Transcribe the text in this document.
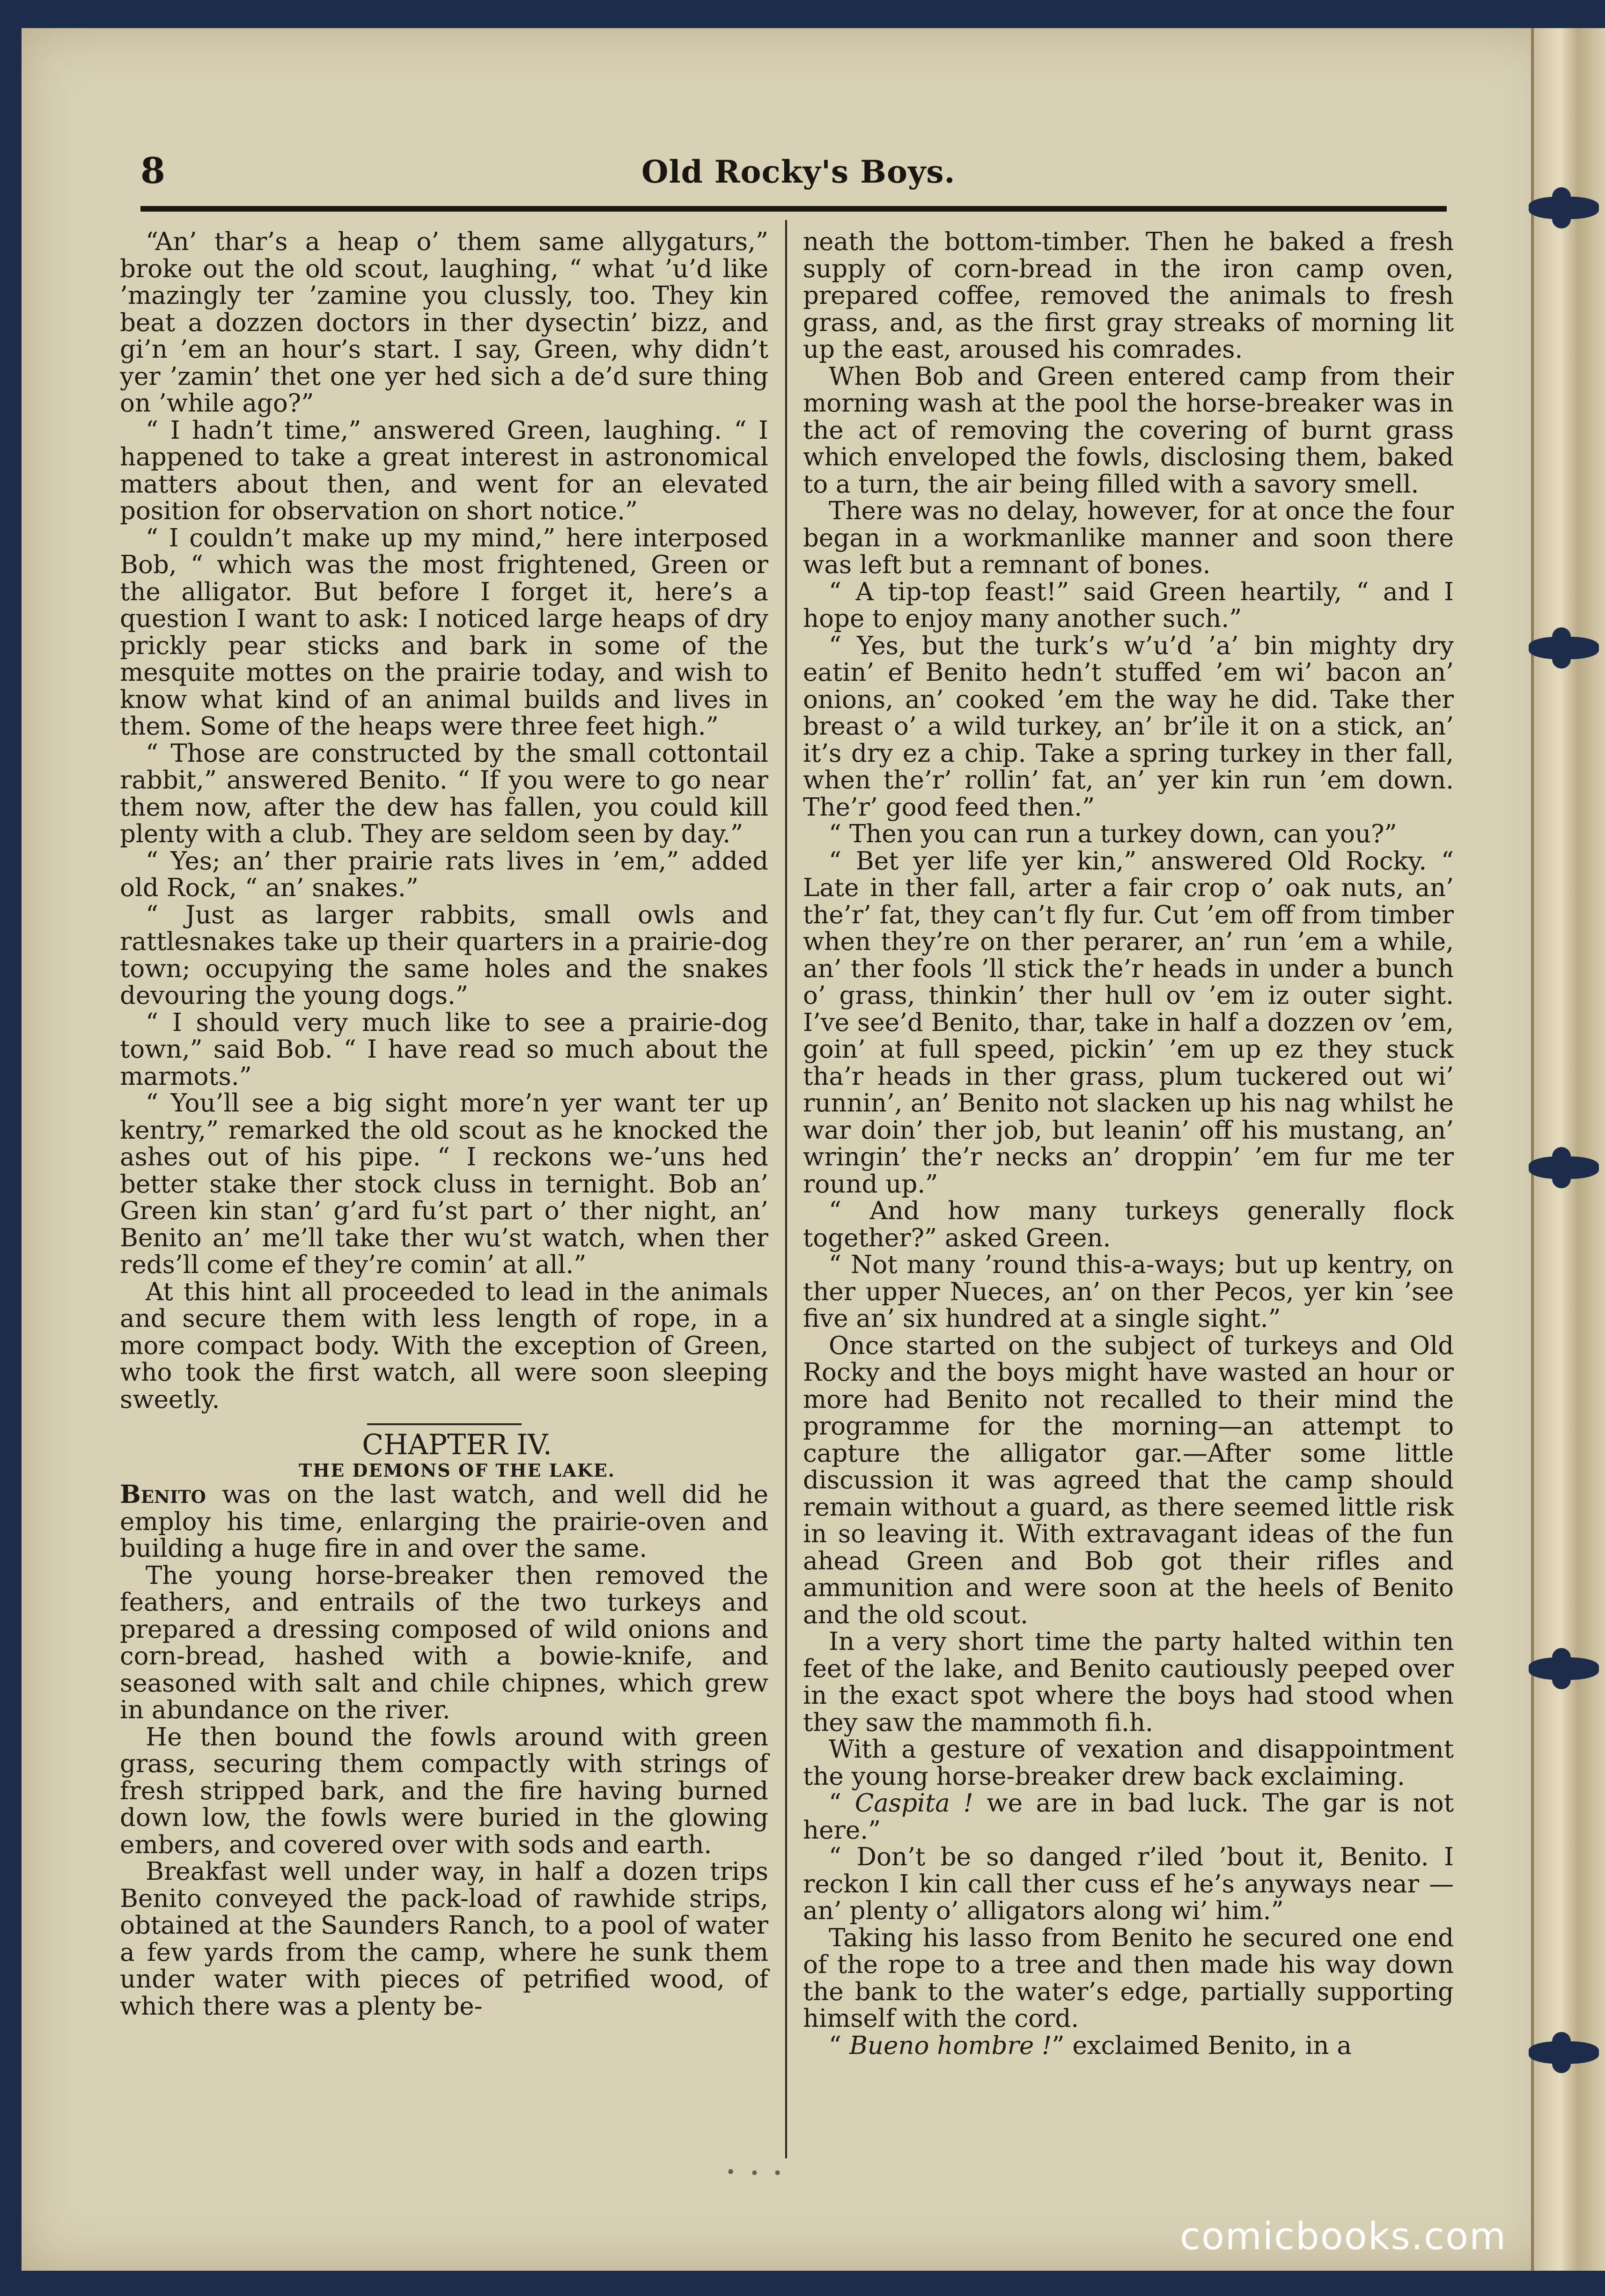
8	Old Rocky's Boys.

“An’ thar’s a heap o’ them same allygaturs,” broke out the old scout, laughing, “ what ’u’d like ’mazingly ter ’zamine you clussly, too. They kin beat a dozzen doctors in ther dysectin’ bizz, and gi’n ’em an hour’s start. I say, Green, why didn’t yer ’zamin’ thet one yer hed sich a de’d sure thing on ’while ago?”

“ I hadn’t time,” answered Green, laughing. “ I happened to take a great interest in astronomical matters about then, and went for an elevated position for observation on short notice.”

“ I couldn’t make up my mind,” here interposed Bob, “ which was the most frightened, Green or the alligator. But before I forget it, here’s a question I want to ask: I noticed large heaps of dry prickly pear sticks and bark in some of the mesquite mottes on the prairie today, and wish to know what kind of an animal builds and lives in them. Some of the heaps were three feet high.”

“ Those are constructed by the small cottontail rabbit,” answered Benito. “ If you were to go near them now, after the dew has fallen, you could kill plenty with a club. They are seldom seen by day.”

“ Yes; an’ ther prairie rats lives in ’em,” added old Rock, “ an’ snakes.”

“ Just as larger rabbits, small owls and rattlesnakes take up their quarters in a prairie-dog town; occupying the same holes and the snakes devouring the young dogs.”

“ I should very much like to see a prairie-dog town,” said Bob. “ I have read so much about the marmots.”

“ You’ll see a big sight more’n yer want ter up kentry,” remarked the old scout as he knocked the ashes out of his pipe. “ I reckons we-’uns hed better stake ther stock cluss in ternight. Bob an’ Green kin stan’ g’ard fu’st part o’ ther night, an’ Benito an’ me’ll take ther wu’st watch, when ther reds’ll come ef they’re comin’ at all.”

At this hint all proceeded to lead in the animals and secure them with less length of rope, in a more compact body. With the exception of Green, who took the first watch, all were soon sleeping sweetly.

CHAPTER IV.

THE DEMONS OF THE LAKE.

Benito was on the last watch, and well did he employ his time, enlarging the prairie-oven and building a huge fire in and over the same.

The young horse-breaker then removed the feathers, and entrails of the two turkeys and prepared a dressing composed of wild onions and corn-bread, hashed with a bowie-knife, and seasoned with salt and chile chipnes, which grew in abundance on the river.

He then bound the fowls around with green grass, securing them compactly with strings of fresh stripped bark, and the fire having burned down low, the fowls were buried in the glowing embers, and covered over with sods and earth.

Breakfast well under way, in half a dozen trips Benito conveyed the pack-load of rawhide strips, obtained at the Saunders Ranch, to a pool of water a few yards from the camp, where he sunk them under water with pieces of petrified wood, of which there was a plenty be-

neath the bottom-timber. Then he baked a fresh supply of corn-bread in the iron camp oven, prepared coffee, removed the animals to fresh grass, and, as the first gray streaks of morning lit up the east, aroused his comrades.

When Bob and Green entered camp from their morning wash at the pool the horse-breaker was in the act of removing the covering of burnt grass which enveloped the fowls, disclosing them, baked to a turn, the air being filled with a savory smell.

There was no delay, however, for at once the four began in a workmanlike manner and soon there was left but a remnant of bones.

“ A tip-top feast!” said Green heartily, “ and I hope to enjoy many another such.”

“ Yes, but the turk’s w’u’d ’a’ bin mighty dry eatin’ ef Benito hedn’t stuffed ’em wi’ bacon an’ onions, an’ cooked ’em the way he did. Take ther breast o’ a wild turkey, an’ br’ile it on a stick, an’ it’s dry ez a chip. Take a spring turkey in ther fall, when the’r’ rollin’ fat, an’ yer kin run ’em down. The’r’ good feed then.”

“ Then you can run a turkey down, can you?”

“ Bet yer life yer kin,” answered Old Rocky. “ Late in ther fall, arter a fair crop o’ oak nuts, an’ the’r’ fat, they can’t fly fur. Cut ’em off from timber when they’re on ther perarer, an’ run ’em a while, an’ ther fools ’ll stick the’r heads in under a bunch o’ grass, thinkin’ ther hull ov ’em iz outer sight. I’ve see’d Benito, thar, take in half a dozzen ov ’em, goin’ at full speed, pickin’ ’em up ez they stuck tha’r heads in ther grass, plum tuckered out wi’ runnin’, an’ Benito not slacken up his nag whilst he war doin’ ther job, but leanin’ off his mustang, an’ wringin’ the’r necks an’ droppin’ ’em fur me ter round up.”

“ And how many turkeys generally flock together?” asked Green.

“ Not many ’round this-a-ways; but up kentry, on ther upper Nueces, an’ on ther Pecos, yer kin ’see five an’ six hundred at a single sight.”

Once started on the subject of turkeys and Old Rocky and the boys might have wasted an hour or more had Benito not recalled to their mind the programme for the morning—an attempt to capture the alligator gar.—After some little discussion it was agreed that the camp should remain without a guard, as there seemed little risk in so leaving it. With extravagant ideas of the fun ahead Green and Bob got their rifles and ammunition and were soon at the heels of Benito and the old scout.

In a very short time the party halted within ten feet of the lake, and Benito cautiously peeped over in the exact spot where the boys had stood when they saw the mammoth fi.h.

With a gesture of vexation and disappointment the young horse-breaker drew back exclaiming.

“ Caspita ! we are in bad luck. The gar is not here.”

“ Don’t be so danged r’iled ’bout it, Benito. I reckon I kin call ther cuss ef he’s anyways near —an’ plenty o’ alligators along wi’ him.”

Taking his lasso from Benito he secured one end of the rope to a tree and then made his way down the bank to the water’s edge, partially supporting himself with the cord.

“ Bueno hombre !” exclaimed Benito, in a

• ∙ ∙
comicbooks.com
